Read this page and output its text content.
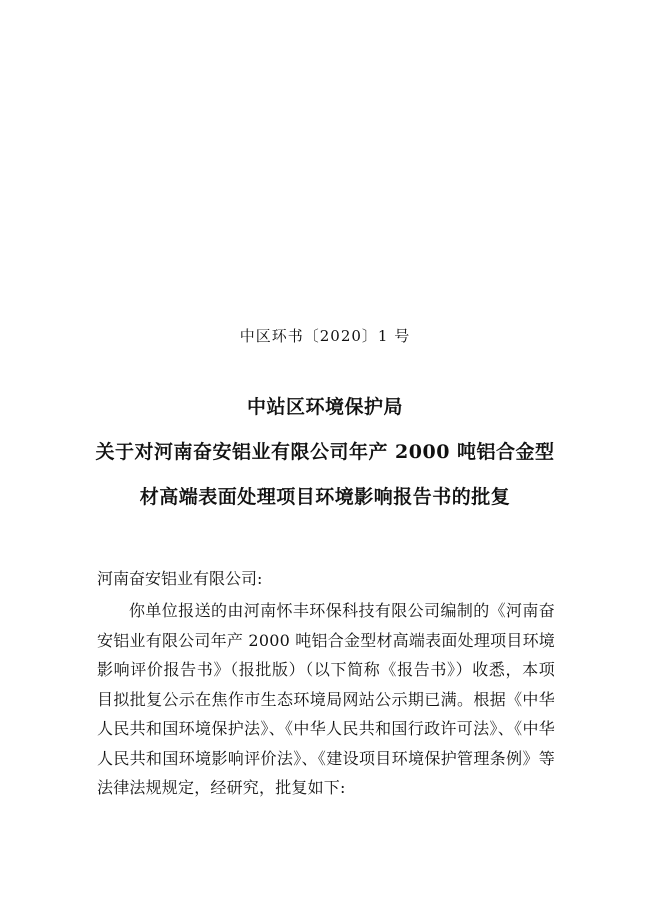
中区环书〔2020〕1 号
中站区环境保护局
关于对河南奋安铝业有限公司年产 2000 吨铝合金型
材高端表面处理项目环境影响报告书的批复
河南奋安铝业有限公司:
你单位报送的由河南怀丰环保科技有限公司编制的《河南奋安铝业有限公司年产 2000 吨铝合金型材高端表面处理项目环境影响评价报告书》（报批版）（以下简称《报告书》）收悉，本项目拟批复公示在焦作市生态环境局网站公示期已满。根据《中华人民共和国环境保护法》、《中华人民共和国行政许可法》、《中华人民共和国环境影响评价法》、《建设项目环境保护管理条例》等法律法规规定，经研究，批复如下:
